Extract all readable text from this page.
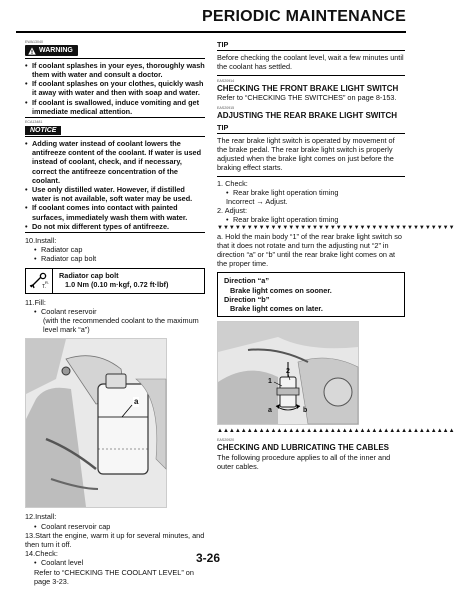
PERIODIC MAINTENANCE
EWA13040
WARNING
• If coolant splashes in your eyes, thoroughly wash them with water and consult a doctor.
• If coolant splashes on your clothes, quickly wash it away with water and then with soap and water.
• If coolant is swallowed, induce vomiting and get immediate medical attention.
ECA13481
NOTICE
• Adding water instead of coolant lowers the antifreeze content of the coolant. If water is used instead of coolant, check, and if necessary, correct the antifreeze concentration of the coolant.
• Use only distilled water. However, if distilled water is not available, soft water may be used.
• If coolant comes into contact with painted surfaces, immediately wash them with water.
• Do not mix different types of antifreeze.
10.Install:
• Radiator cap
• Radiator cap bolt
T.
R.
Radiator cap bolt
1.0 Nm (0.10 m·kgf, 0.72 ft·lbf)
11.Fill:
• Coolant reservoir
(with the recommended coolant to the maximum level mark “a”)
a
12.Install:
• Coolant reservoir cap
13.Start the engine, warm it up for several minutes, and then turn it off.
14.Check:
• Coolant level
Refer to “CHECKING THE COOLANT LEVEL” on page 3-23.
TIP
Before checking the coolant level, wait a few minutes until the coolant has settled.
EAS20914
CHECKING THE FRONT BRAKE LIGHT SWITCH
Refer to “CHECKING THE SWITCHES” on page 8-153.
EAS20915
ADJUSTING THE REAR BRAKE LIGHT SWITCH
TIP
The rear brake light switch is operated by movement of the brake pedal. The rear brake light switch is properly adjusted when the brake light comes on just before the braking effect starts.
1. Check:
• Rear brake light operation timing
Incorrect → Adjust.
2. Adjust:
• Rear brake light operation timing
▼▼▼▼▼▼▼▼▼▼▼▼▼▼▼▼▼▼▼▼▼▼▼▼▼▼▼▼▼▼▼▼▼▼▼▼▼▼▼▼
a. Hold the main body “1” of the rear brake light switch so that it does not rotate and turn the adjusting nut “2” in direction “a” or “b” until the rear brake light comes on at the proper time.
Direction “a”
Brake light comes on sooner.
Direction “b”
Brake light comes on later.
1
2
a	b
▲▲▲▲▲▲▲▲▲▲▲▲▲▲▲▲▲▲▲▲▲▲▲▲▲▲▲▲▲▲▲▲▲▲▲▲▲▲▲▲
EAS20920
CHECKING AND LUBRICATING THE CABLES
The following procedure applies to all of the inner and outer cables.
3-26
